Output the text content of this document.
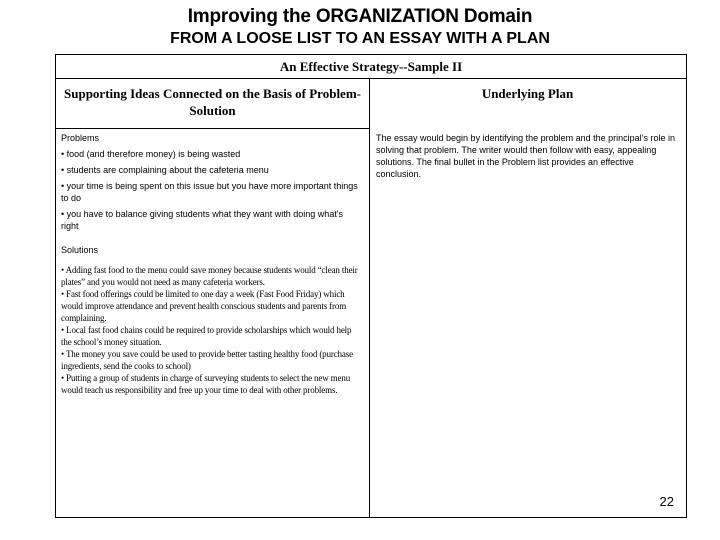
Improving the ORGANIZATION Domain
FROM A LOOSE LIST TO AN ESSAY WITH A PLAN
An Effective Strategy--Sample II
Supporting Ideas Connected on the Basis of Problem-Solution
Underlying Plan

Problems

• food (and therefore money) is being wasted

• students are complaining about the cafeteria menu

• your time is being spent on this issue but you have more important things to do

• you have to balance giving students what they want with doing what's right

Solutions

• Adding fast food to the menu could save money because students would “clean their plates” and you would not need as many cafeteria workers.

• Fast food offerings could be limited to one day a week (Fast Food Friday) which would improve attendance and prevent health conscious students and parents from complaining.

• Local fast food chains could be required to provide scholarships which would help the school’s money situation.

• The money you save could be used to provide better tasting healthy food (purchase ingredients, send the cooks to school)

• Putting a group of students in charge of surveying students to select the new menu would teach us responsibility and free up your time to deal with other problems.

The essay would begin by identifying the problem and the principal’s role in solving that problem. The writer would then follow with easy, appealing solutions. The final bullet in the Problem list provides an effective conclusion.
22
